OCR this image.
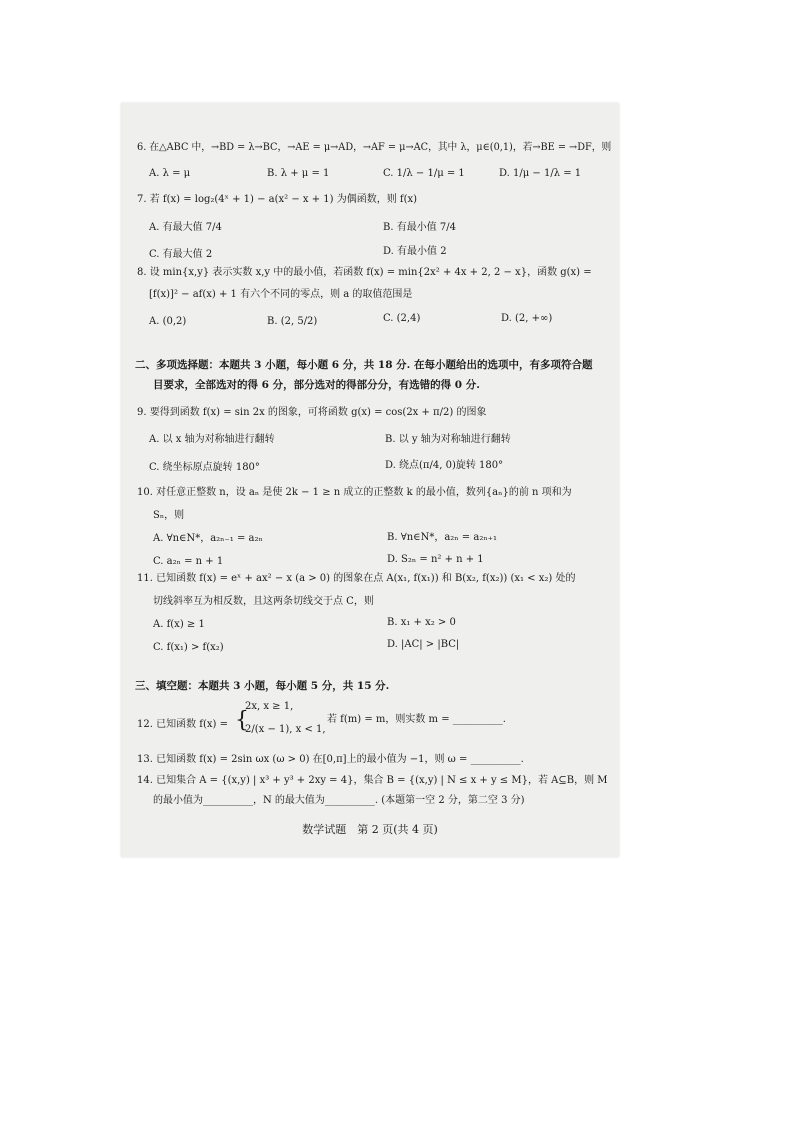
6. 在△ABC 中，→BD = λ→BC，→AE = μ→AD，→AF = μ→AC，其中 λ，μ∈(0,1)，若→BE = →DF，则
A. λ = μ	B. λ + μ = 1	C. 1/λ − 1/μ = 1	D. 1/μ − 1/λ = 1
7. 若 f(x) = log₂(4ˣ + 1) − a(x² − x + 1) 为偶函数，则 f(x)
A. 有最大值 7/4	B. 有最小值 7/4
C. 有最大值 2	D. 有最小值 2
8. 设 min{x,y} 表示实数 x,y 中的最小值，若函数 f(x) = min{2x² + 4x + 2, 2 − x}，函数 g(x) =
[f(x)]² − af(x) + 1 有六个不同的零点，则 a 的取值范围是
A. (0,2)	B. (2, 5/2)	C. (2,4)	D. (2, +∞)
二、多项选择题：本题共 3 小题，每小题 6 分，共 18 分. 在每小题给出的选项中，有多项符合题
目要求，全部选对的得 6 分，部分选对的得部分分，有选错的得 0 分.
9. 要得到函数 f(x) = sin 2x 的图象，可将函数 g(x) = cos(2x + π/2) 的图象
A. 以 x 轴为对称轴进行翻转	B. 以 y 轴为对称轴进行翻转
C. 绕坐标原点旋转 180°	D. 绕点(π/4, 0)旋转 180°
10. 对任意正整数 n，设 aₙ 是使 2k − 1 ≥ n 成立的正整数 k 的最小值，数列{aₙ}的前 n 项和为
Sₙ，则
A. ∀n∈N*，a₂ₙ₋₁ = a₂ₙ	B. ∀n∈N*，a₂ₙ = a₂ₙ₊₁
C. a₂ₙ = n + 1	D. S₂ₙ = n² + n + 1
11. 已知函数 f(x) = eˣ + ax² − x (a > 0) 的图象在点 A(x₁, f(x₁)) 和 B(x₂, f(x₂)) (x₁ < x₂) 处的
切线斜率互为相反数，且这两条切线交于点 C，则
A. f(x) ≥ 1	B. x₁ + x₂ > 0
C. f(x₁) > f(x₂)	D. |AC| > |BC|
三、填空题：本题共 3 小题，每小题 5 分，共 15 分.
12. 已知函数 f(x) = {
2x, x ≥ 1,
2/(x − 1), x < 1,
若 f(m) = m，则实数 m = __________.
13. 已知函数 f(x) = 2sin ωx (ω > 0) 在[0,π]上的最小值为 −1，则 ω = __________.
14. 已知集合 A = {(x,y) | x³ + y³ + 2xy = 4}，集合 B = {(x,y) | N ≤ x + y ≤ M}，若 A⊆B，则 M
的最小值为__________，N 的最大值为__________. (本题第一空 2 分，第二空 3 分)
数学试题　第 2 页(共 4 页)
